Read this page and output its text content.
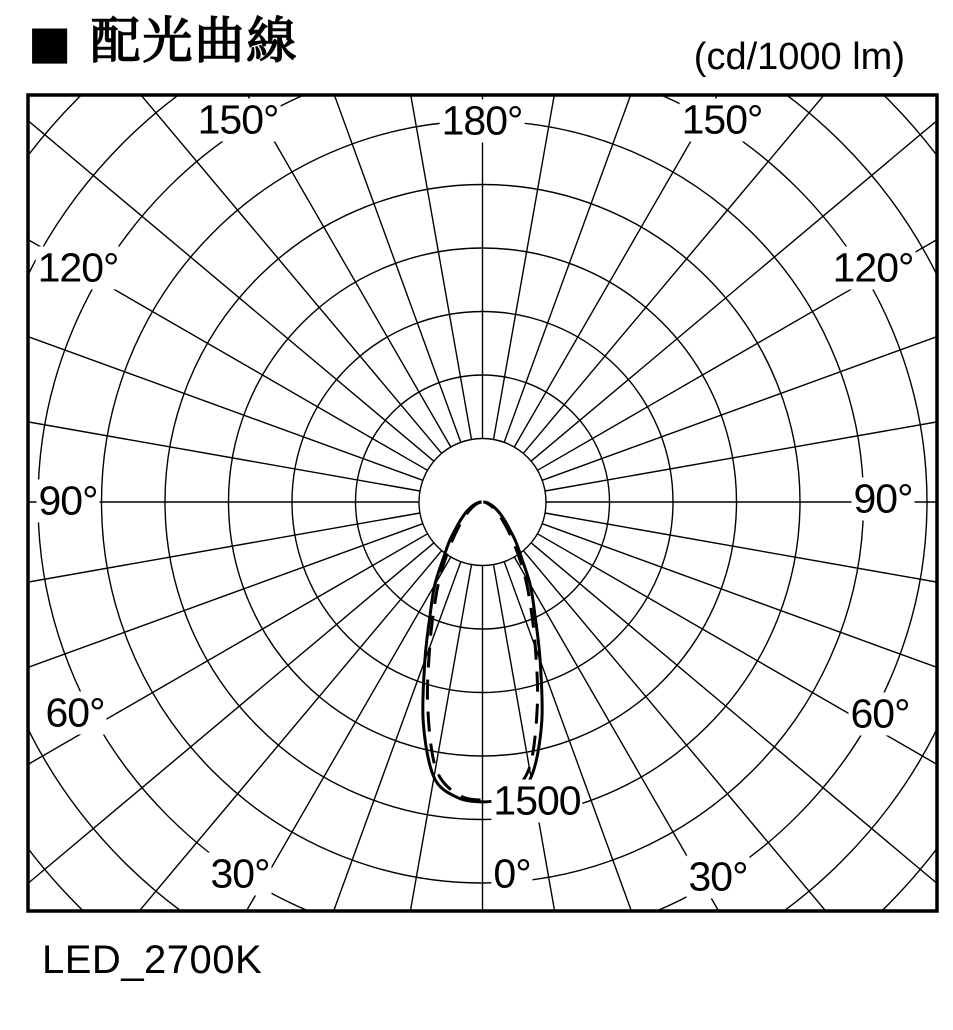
■ 配光曲線	(cd/1000 lm)
180°
150°	150°
120°	120°
90°	90°
60°	60°
30°	30°
0°
1500
LED_2700K
